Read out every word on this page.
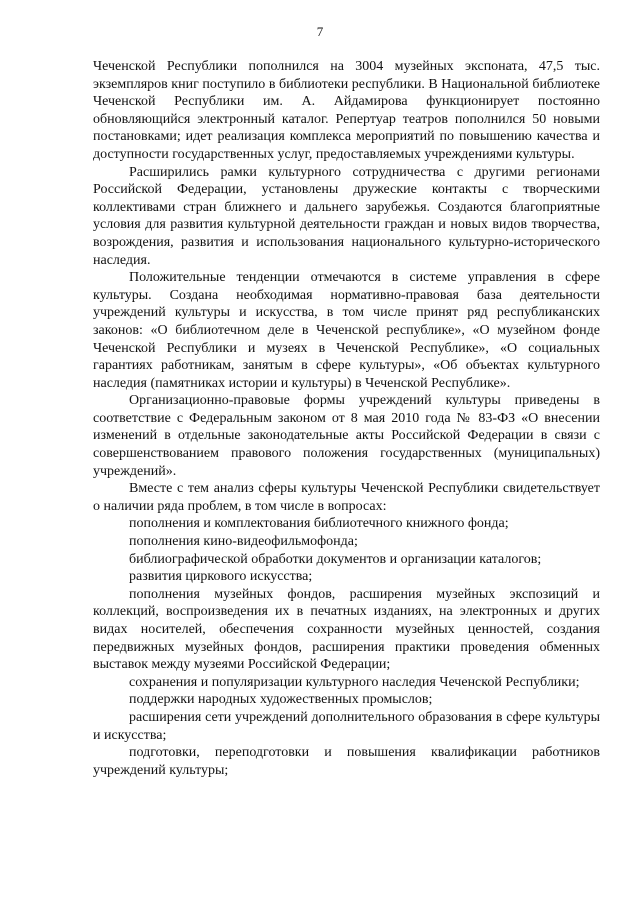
7

Чеченской Республики пополнился на 3004 музейных экспоната, 47,5 тыс. экземпляров книг поступило в библиотеки республики. В Национальной библиотеке Чеченской Республики им. А. Айдамирова функционирует постоянно обновляющийся электронный каталог. Репертуар театров пополнился 50 новыми постановками; идет реализация комплекса мероприятий по повышению качества и доступности государственных услуг, предоставляемых учреждениями культуры.

Расширились рамки культурного сотрудничества с другими регионами Российской Федерации, установлены дружеские контакты с творческими коллективами стран ближнего и дальнего зарубежья. Создаются благоприятные условия для развития культурной деятельности граждан и новых видов творчества, возрождения, развития и использования национального культурно-исторического наследия.

Положительные тенденции отмечаются в системе управления в сфере культуры. Создана необходимая нормативно-правовая база деятельности учреждений культуры и искусства, в том числе принят ряд республиканских законов: «О библиотечном деле в Чеченской республике», «О музейном фонде Чеченской Республики и музеях в Чеченской Республике», «О социальных гарантиях работникам, занятым в сфере культуры», «Об объектах культурного наследия (памятниках истории и культуры) в Чеченской Республике».

Организационно-правовые формы учреждений культуры приведены в соответствие с Федеральным законом от 8 мая 2010 года № 83-ФЗ «О внесении изменений в отдельные законодательные акты Российской Федерации в связи с совершенствованием правового положения государственных (муниципальных) учреждений».

Вместе с тем анализ сферы культуры Чеченской Республики свидетельствует о наличии ряда проблем, в том числе в вопросах:

пополнения и комплектования библиотечного книжного фонда;

пополнения кино-видеофильмофонда;

библиографической обработки документов и организации каталогов;

развития циркового искусства;

пополнения музейных фондов, расширения музейных экспозиций и коллекций, воспроизведения их в печатных изданиях, на электронных и других видах носителей, обеспечения сохранности музейных ценностей, создания передвижных музейных фондов, расширения практики проведения обменных выставок между музеями Российской Федерации;

сохранения и популяризации культурного наследия Чеченской Республики;

поддержки народных художественных промыслов;

расширения сети учреждений дополнительного образования в сфере культуры и искусства;

подготовки, переподготовки и повышения квалификации работников учреждений культуры;
